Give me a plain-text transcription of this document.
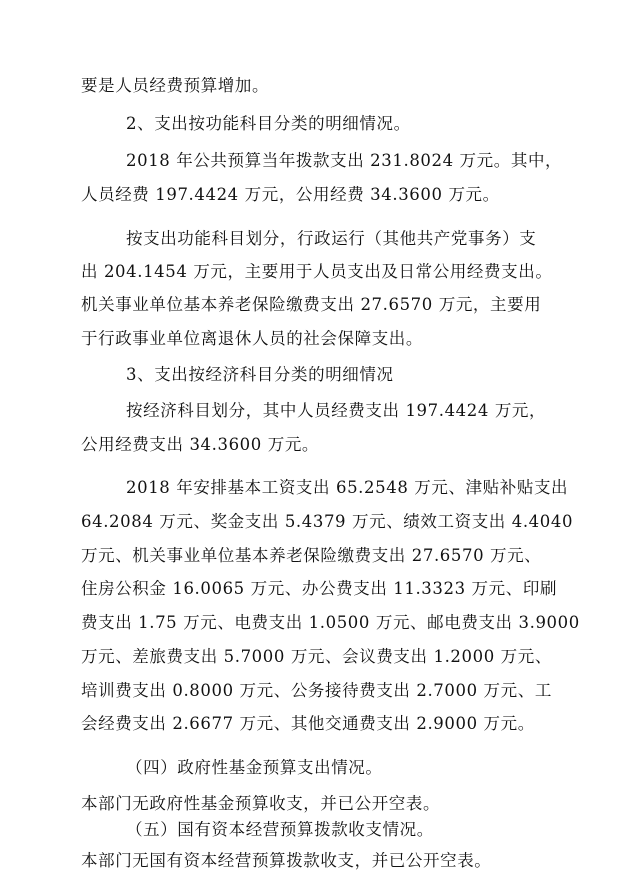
要是人员经费预算增加。
2、支出按功能科目分类的明细情况。
2018 年公共预算当年拨款支出 231.8024 万元。其中，
人员经费 197.4424 万元，公用经费 34.3600 万元。
按支出功能科目划分，行政运行（其他共产党事务）支
出 204.1454 万元，主要用于人员支出及日常公用经费支出。
机关事业单位基本养老保险缴费支出 27.6570 万元，主要用
于行政事业单位离退休人员的社会保障支出。
3、支出按经济科目分类的明细情况
按经济科目划分，其中人员经费支出 197.4424 万元，
公用经费支出 34.3600 万元。
2018 年安排基本工资支出 65.2548 万元、津贴补贴支出
64.2084 万元、奖金支出 5.4379 万元、绩效工资支出 4.4040
万元、机关事业单位基本养老保险缴费支出 27.6570 万元、
住房公积金 16.0065 万元、办公费支出 11.3323 万元、印刷
费支出 1.75 万元、电费支出 1.0500 万元、邮电费支出 3.9000
万元、差旅费支出 5.7000 万元、会议费支出 1.2000 万元、
培训费支出 0.8000 万元、公务接待费支出 2.7000 万元、工
会经费支出 2.6677 万元、其他交通费支出 2.9000 万元。
（四）政府性基金预算支出情况。
本部门无政府性基金预算收支，并已公开空表。
（五）国有资本经营预算拨款收支情况。
本部门无国有资本经营预算拨款收支，并已公开空表。
